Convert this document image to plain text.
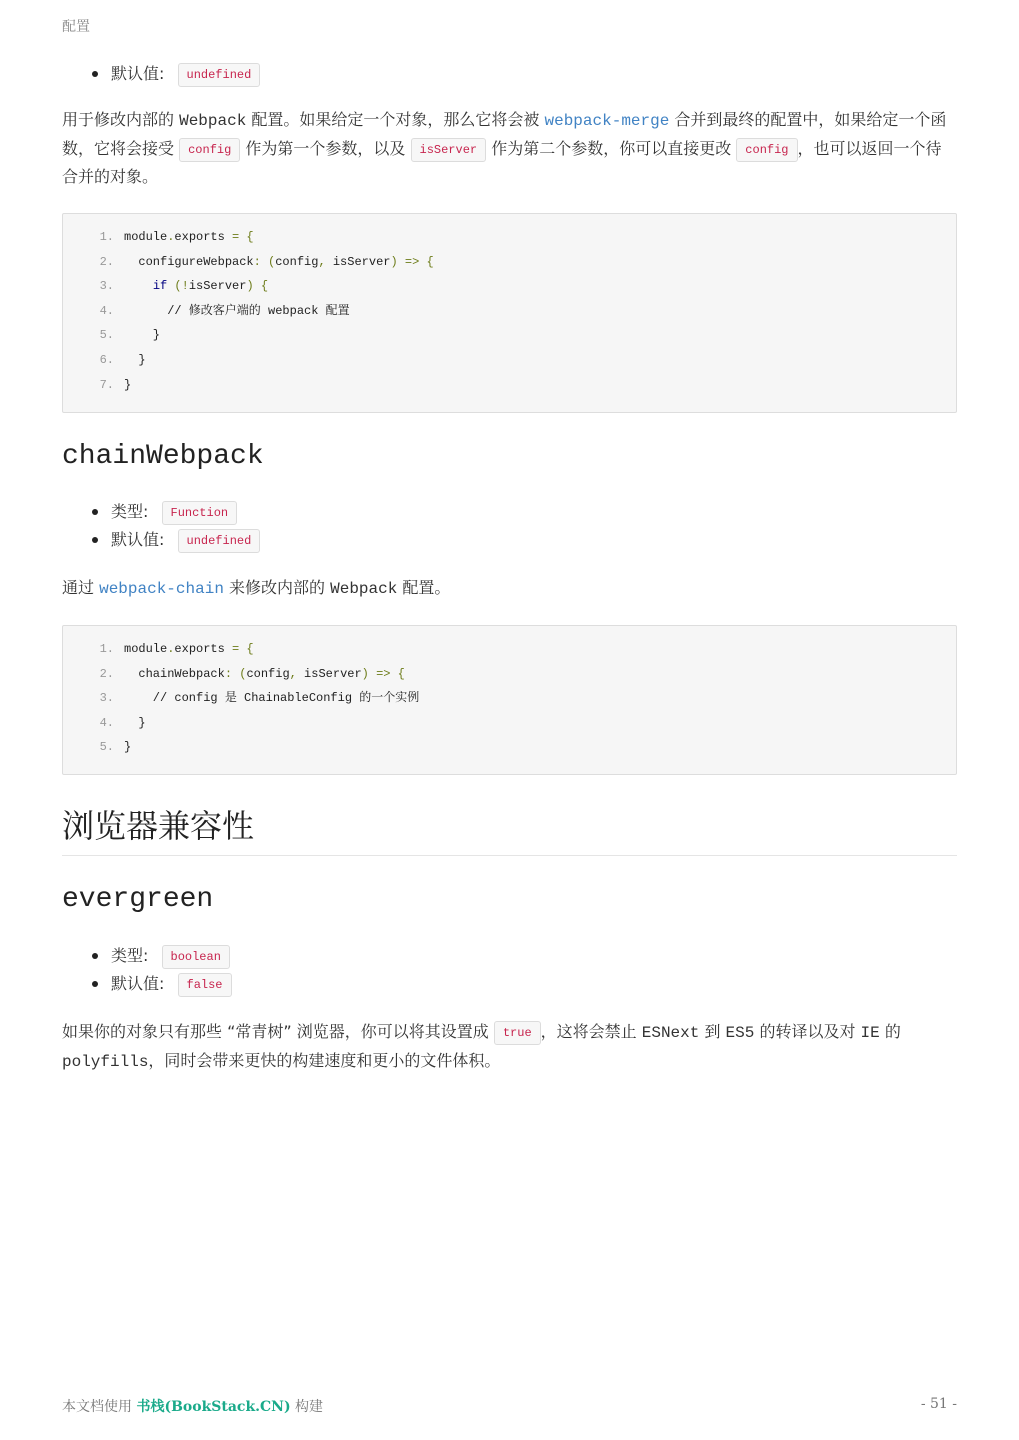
配置
默认值: undefined

用于修改内部的 Webpack 配置。如果给定一个对象，那么它将会被 webpack-merge 合并到最终的配置中，如果给定一个函数，它将会接受 config 作为第一个参数，以及 isServer 作为第二个参数，你可以直接更改 config ，也可以返回一个待合并的对象。

1. module.exports = {
2. configureWebpack: (config, isServer) => {
3.	if (!isServer) {
4. // 修改客户端的 webpack 配置
5. }
6. }
7. }
chainWebpack
类型: Function
默认值: undefined

通过 webpack-chain 来修改内部的 Webpack 配置。

1. module.exports = {
2. chainWebpack: (config, isServer) => {
3. // config 是 ChainableConfig 的一个实例
4. }
5. }
浏览器兼容性
evergreen
类型: boolean
默认值: false

如果你的对象只有那些 “常青树” 浏览器，你可以将其设置成 true ，这将会禁止 ESNext 到 ES5 的转译以及对 IE 的 polyfills，同时会带来更快的构建速度和更小的文件体积。

本文档使用 书栈(BookStack.CN) 构建	- 51 -
